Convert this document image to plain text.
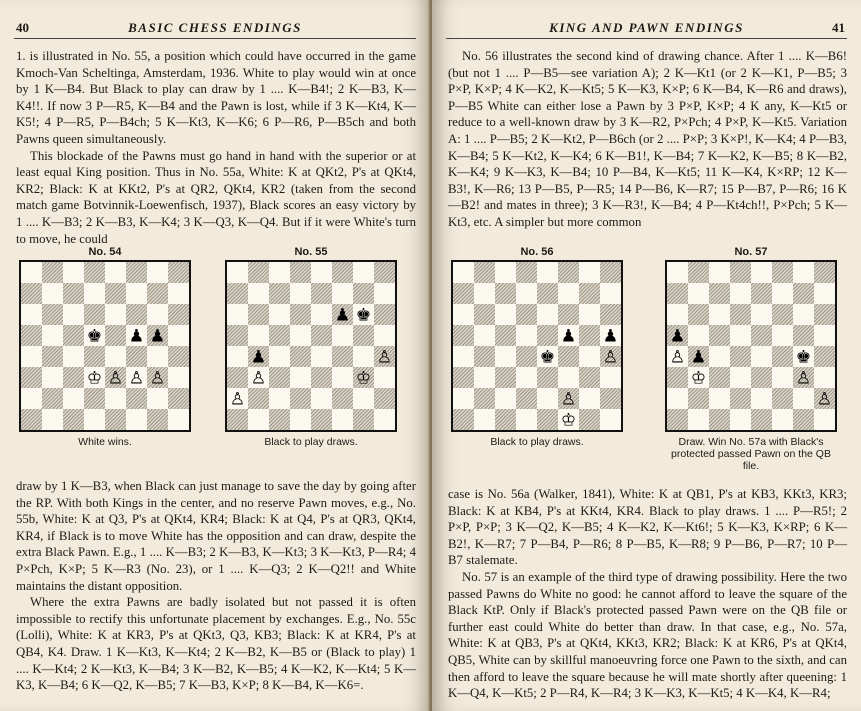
40	BASIC CHESS ENDINGS

1. is illustrated in No. 55, a position which could have occurred in the game Kmoch-Van Scheltinga, Amsterdam, 1936. White to play would win at once by 1 K—B4. But Black to play can draw by 1 .... K—B4!; 2 K—B3, K—K4!!. If now 3 P—R5, K—B4 and the Pawn is lost, while if 3 K—Kt4, K—K5!; 4 P—R5, P—B4ch; 5 K—Kt3, K—K6; 6 P—R6, P—B5ch and both Pawns queen simultaneously.

This blockade of the Pawns must go hand in hand with the superior or at least equal King position. Thus in No. 55a, White: K at QKt2, P's at QKt4, KR2; Black: K at KKt2, P's at QR2, QKt4, KR2 (taken from the second match game Botvinnik-Loewenfisch, 1937), Black scores an easy victory by 1 .... K—B3; 2 K—B3, K—K4; 3 K—Q3, K—Q4. But if it were White's turn to move, he could

No. 54
White wins.
No. 55
Black to play draws.

draw by 1 K—B3, when Black can just manage to save the day by going after the RP. With both Kings in the center, and no reserve Pawn moves, e.g., No. 55b, White: K at Q3, P's at QKt4, KR4; Black: K at Q4, P's at QR3, QKt4, KR4, if Black is to move White has the opposition and can draw, despite the extra Black Pawn. E.g., 1 .... K—B3; 2 K—B3, K—Kt3; 3 K—Kt3, P—R4; 4 P×Pch, K×P; 5 K—R3 (No. 23), or 1 .... K—Q3; 2 K—Q2!! and White maintains the distant opposition.

Where the extra Pawns are badly isolated but not passed it is often impossible to rectify this unfortunate placement by exchanges. E.g., No. 55c (Lolli), White: K at KR3, P's at QKt3, Q3, KB3; Black: K at KR4, P's at QB4, K4. Draw. 1 K—Kt3, K—Kt4; 2 K—B2, K—B5 or (Black to play) 1 .... K—Kt4; 2 K—Kt3, K—B4; 3 K—B2, K—B5; 4 K—K2, K—Kt4; 5 K—K3, K—B4; 6 K—Q2, K—B5; 7 K—B3, K×P; 8 K—B4, K—K6=.

KING AND PAWN ENDINGS	41

No. 56 illustrates the second kind of drawing chance. After 1 .... K—B6! (but not 1 .... P—B5—see variation A); 2 K—Kt1 (or 2 K—K1, P—B5; 3 P×P, K×P; 4 K—K2, K—Kt5; 5 K—K3, K×P; 6 K—B4, K—R6 and draws), P—B5 White can either lose a Pawn by 3 P×P, K×P; 4 K any, K—Kt5 or reduce to a well-known draw by 3 K—R2, P×Pch; 4 P×P, K—Kt5. Variation A: 1 .... P—B5; 2 K—Kt2, P—B6ch (or 2 .... P×P; 3 K×P!, K—K4; 4 P—B3, K—B4; 5 K—Kt2, K—K4; 6 K—B1!, K—B4; 7 K—K2, K—B5; 8 K—B2, K—K4; 9 K—K3, K—B4; 10 P—B4, K—Kt5; 11 K—K4, K×RP; 12 K—B3!, K—R6; 13 P—B5, P—R5; 14 P—B6, K—R7; 15 P—B7, P—R6; 16 K—B2! and mates in three); 3 K—R3!, K—B4; 4 P—Kt4ch!!, P×Pch; 5 K—Kt3, etc. A simpler but more common

No. 56
Black to play draws.
No. 57
Draw. Win No. 57a with Black's protected passed Pawn on the QB file.

case is No. 56a (Walker, 1841), White: K at QB1, P's at KB3, KKt3, KR3; Black: K at KB4, P's at KKt4, KR4. Black to play draws. 1 .... P—R5!; 2 P×P, P×P; 3 K—Q2, K—B5; 4 K—K2, K—Kt6!; 5 K—K3, K×RP; 6 K—B2!, K—R7; 7 P—B4, P—R6; 8 P—B5, K—R8; 9 P—B6, P—R7; 10 P—B7 stalemate.

No. 57 is an example of the third type of drawing possibility. Here the two passed Pawns do White no good: he cannot afford to leave the square of the Black KtP. Only if Black's protected passed Pawn were on the QB file or further east could White do better than draw. In that case, e.g., No. 57a, White: K at QB3, P's at QKt4, KKt3, KR2; Black: K at KR6, P's at QKt4, QB5, White can by skillful manoeuvring force one Pawn to the sixth, and can then afford to leave the square because he will mate shortly after queening: 1 K—Q4, K—Kt5; 2 P—R4, K—R4; 3 K—K3, K—Kt5; 4 K—K4, K—R4;
